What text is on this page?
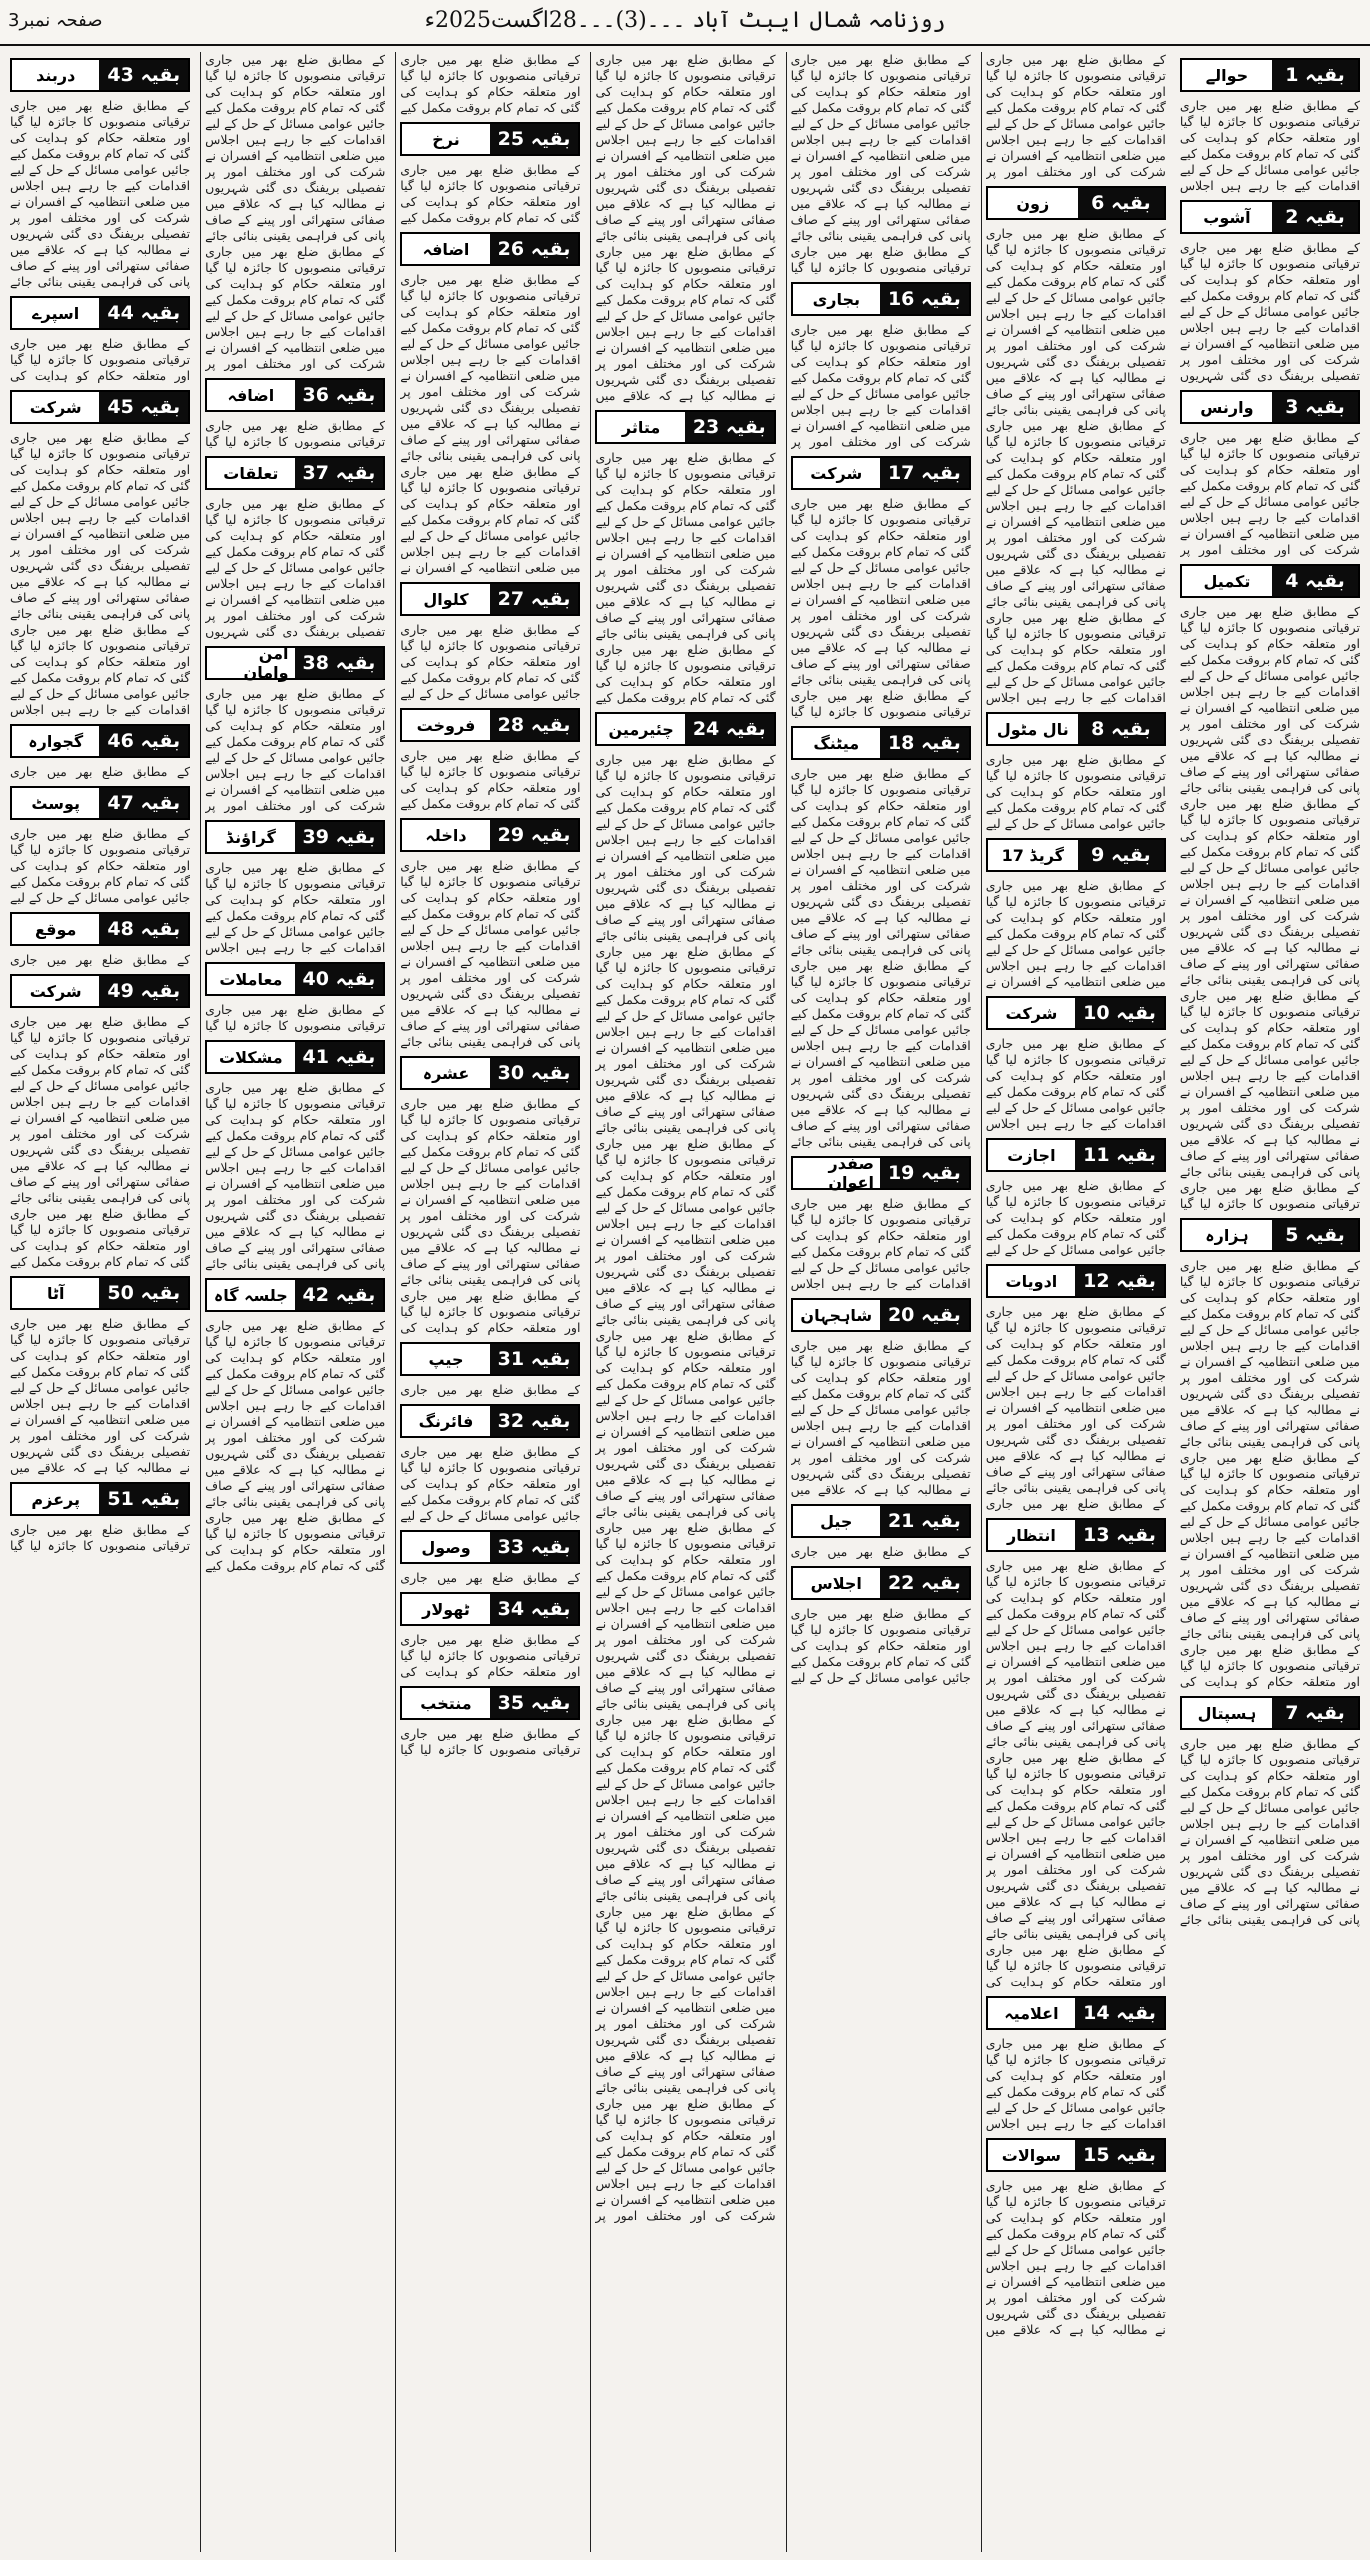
صفحہ نمبر3	روزنامہ شمال ایبٹ آباد ۔۔۔(3)۔۔۔28اگست2025ء
بقیہ 1
حوالے
کے مطابق ضلع بھر میں جاری ترقیاتی منصوبوں کا جائزہ لیا گیا اور متعلقہ حکام کو ہدایت کی گئی کہ تمام کام بروقت مکمل کیے جائیں عوامی مسائل کے حل کے لیے اقدامات کیے جا رہے ہیں اجلاس
بقیہ 2
آشوب
کے مطابق ضلع بھر میں جاری ترقیاتی منصوبوں کا جائزہ لیا گیا اور متعلقہ حکام کو ہدایت کی گئی کہ تمام کام بروقت مکمل کیے جائیں عوامی مسائل کے حل کے لیے اقدامات کیے جا رہے ہیں اجلاس میں ضلعی انتظامیہ کے افسران نے شرکت کی اور مختلف امور پر تفصیلی بریفنگ دی گئی شہریوں
بقیہ 3
وارنس
کے مطابق ضلع بھر میں جاری ترقیاتی منصوبوں کا جائزہ لیا گیا اور متعلقہ حکام کو ہدایت کی گئی کہ تمام کام بروقت مکمل کیے جائیں عوامی مسائل کے حل کے لیے اقدامات کیے جا رہے ہیں اجلاس میں ضلعی انتظامیہ کے افسران نے شرکت کی اور مختلف امور پر
بقیہ 4
تکمیل
کے مطابق ضلع بھر میں جاری ترقیاتی منصوبوں کا جائزہ لیا گیا اور متعلقہ حکام کو ہدایت کی گئی کہ تمام کام بروقت مکمل کیے جائیں عوامی مسائل کے حل کے لیے اقدامات کیے جا رہے ہیں اجلاس میں ضلعی انتظامیہ کے افسران نے شرکت کی اور مختلف امور پر تفصیلی بریفنگ دی گئی شہریوں نے مطالبہ کیا ہے کہ علاقے میں صفائی ستھرائی اور پینے کے صاف پانی کی فراہمی یقینی بنائی جائے کے مطابق ضلع بھر میں جاری ترقیاتی منصوبوں کا جائزہ لیا گیا اور متعلقہ حکام کو ہدایت کی گئی کہ تمام کام بروقت مکمل کیے جائیں عوامی مسائل کے حل کے لیے اقدامات کیے جا رہے ہیں اجلاس میں ضلعی انتظامیہ کے افسران نے شرکت کی اور مختلف امور پر تفصیلی بریفنگ دی گئی شہریوں نے مطالبہ کیا ہے کہ علاقے میں صفائی ستھرائی اور پینے کے صاف پانی کی فراہمی یقینی بنائی جائے کے مطابق ضلع بھر میں جاری ترقیاتی منصوبوں کا جائزہ لیا گیا اور متعلقہ حکام کو ہدایت کی گئی کہ تمام کام بروقت مکمل کیے جائیں عوامی مسائل کے حل کے لیے اقدامات کیے جا رہے ہیں اجلاس میں ضلعی انتظامیہ کے افسران نے شرکت کی اور مختلف امور پر تفصیلی بریفنگ دی گئی شہریوں نے مطالبہ کیا ہے کہ علاقے میں صفائی ستھرائی اور پینے کے صاف پانی کی فراہمی یقینی بنائی جائے کے مطابق ضلع بھر میں جاری ترقیاتی منصوبوں کا جائزہ لیا گیا
بقیہ 5
ہزارہ
کے مطابق ضلع بھر میں جاری ترقیاتی منصوبوں کا جائزہ لیا گیا اور متعلقہ حکام کو ہدایت کی گئی کہ تمام کام بروقت مکمل کیے جائیں عوامی مسائل کے حل کے لیے اقدامات کیے جا رہے ہیں اجلاس میں ضلعی انتظامیہ کے افسران نے شرکت کی اور مختلف امور پر تفصیلی بریفنگ دی گئی شہریوں نے مطالبہ کیا ہے کہ علاقے میں صفائی ستھرائی اور پینے کے صاف پانی کی فراہمی یقینی بنائی جائے کے مطابق ضلع بھر میں جاری ترقیاتی منصوبوں کا جائزہ لیا گیا اور متعلقہ حکام کو ہدایت کی گئی کہ تمام کام بروقت مکمل کیے جائیں عوامی مسائل کے حل کے لیے اقدامات کیے جا رہے ہیں اجلاس میں ضلعی انتظامیہ کے افسران نے شرکت کی اور مختلف امور پر تفصیلی بریفنگ دی گئی شہریوں نے مطالبہ کیا ہے کہ علاقے میں صفائی ستھرائی اور پینے کے صاف پانی کی فراہمی یقینی بنائی جائے کے مطابق ضلع بھر میں جاری ترقیاتی منصوبوں کا جائزہ لیا گیا اور متعلقہ حکام کو ہدایت کی
بقیہ 7
ہسپتال
کے مطابق ضلع بھر میں جاری ترقیاتی منصوبوں کا جائزہ لیا گیا اور متعلقہ حکام کو ہدایت کی گئی کہ تمام کام بروقت مکمل کیے جائیں عوامی مسائل کے حل کے لیے اقدامات کیے جا رہے ہیں اجلاس میں ضلعی انتظامیہ کے افسران نے شرکت کی اور مختلف امور پر تفصیلی بریفنگ دی گئی شہریوں نے مطالبہ کیا ہے کہ علاقے میں صفائی ستھرائی اور پینے کے صاف پانی کی فراہمی یقینی بنائی جائے
کے مطابق ضلع بھر میں جاری ترقیاتی منصوبوں کا جائزہ لیا گیا اور متعلقہ حکام کو ہدایت کی گئی کہ تمام کام بروقت مکمل کیے جائیں عوامی مسائل کے حل کے لیے اقدامات کیے جا رہے ہیں اجلاس میں ضلعی انتظامیہ کے افسران نے شرکت کی اور مختلف امور پر
بقیہ 6
زون
کے مطابق ضلع بھر میں جاری ترقیاتی منصوبوں کا جائزہ لیا گیا اور متعلقہ حکام کو ہدایت کی گئی کہ تمام کام بروقت مکمل کیے جائیں عوامی مسائل کے حل کے لیے اقدامات کیے جا رہے ہیں اجلاس میں ضلعی انتظامیہ کے افسران نے شرکت کی اور مختلف امور پر تفصیلی بریفنگ دی گئی شہریوں نے مطالبہ کیا ہے کہ علاقے میں صفائی ستھرائی اور پینے کے صاف پانی کی فراہمی یقینی بنائی جائے کے مطابق ضلع بھر میں جاری ترقیاتی منصوبوں کا جائزہ لیا گیا اور متعلقہ حکام کو ہدایت کی گئی کہ تمام کام بروقت مکمل کیے جائیں عوامی مسائل کے حل کے لیے اقدامات کیے جا رہے ہیں اجلاس میں ضلعی انتظامیہ کے افسران نے شرکت کی اور مختلف امور پر تفصیلی بریفنگ دی گئی شہریوں نے مطالبہ کیا ہے کہ علاقے میں صفائی ستھرائی اور پینے کے صاف پانی کی فراہمی یقینی بنائی جائے کے مطابق ضلع بھر میں جاری ترقیاتی منصوبوں کا جائزہ لیا گیا اور متعلقہ حکام کو ہدایت کی گئی کہ تمام کام بروقت مکمل کیے جائیں عوامی مسائل کے حل کے لیے اقدامات کیے جا رہے ہیں اجلاس
بقیہ 8
نال مٹول
کے مطابق ضلع بھر میں جاری ترقیاتی منصوبوں کا جائزہ لیا گیا اور متعلقہ حکام کو ہدایت کی گئی کہ تمام کام بروقت مکمل کیے جائیں عوامی مسائل کے حل کے لیے
بقیہ 9
گریڈ 17
کے مطابق ضلع بھر میں جاری ترقیاتی منصوبوں کا جائزہ لیا گیا اور متعلقہ حکام کو ہدایت کی گئی کہ تمام کام بروقت مکمل کیے جائیں عوامی مسائل کے حل کے لیے اقدامات کیے جا رہے ہیں اجلاس میں ضلعی انتظامیہ کے افسران نے
بقیہ 10
شرکت
کے مطابق ضلع بھر میں جاری ترقیاتی منصوبوں کا جائزہ لیا گیا اور متعلقہ حکام کو ہدایت کی گئی کہ تمام کام بروقت مکمل کیے جائیں عوامی مسائل کے حل کے لیے اقدامات کیے جا رہے ہیں اجلاس
بقیہ 11
اجازت
کے مطابق ضلع بھر میں جاری ترقیاتی منصوبوں کا جائزہ لیا گیا اور متعلقہ حکام کو ہدایت کی گئی کہ تمام کام بروقت مکمل کیے جائیں عوامی مسائل کے حل کے لیے
بقیہ 12
ادویات
کے مطابق ضلع بھر میں جاری ترقیاتی منصوبوں کا جائزہ لیا گیا اور متعلقہ حکام کو ہدایت کی گئی کہ تمام کام بروقت مکمل کیے جائیں عوامی مسائل کے حل کے لیے اقدامات کیے جا رہے ہیں اجلاس میں ضلعی انتظامیہ کے افسران نے شرکت کی اور مختلف امور پر تفصیلی بریفنگ دی گئی شہریوں نے مطالبہ کیا ہے کہ علاقے میں صفائی ستھرائی اور پینے کے صاف پانی کی فراہمی یقینی بنائی جائے کے مطابق ضلع بھر میں جاری
بقیہ 13
انتظار
کے مطابق ضلع بھر میں جاری ترقیاتی منصوبوں کا جائزہ لیا گیا اور متعلقہ حکام کو ہدایت کی گئی کہ تمام کام بروقت مکمل کیے جائیں عوامی مسائل کے حل کے لیے اقدامات کیے جا رہے ہیں اجلاس میں ضلعی انتظامیہ کے افسران نے شرکت کی اور مختلف امور پر تفصیلی بریفنگ دی گئی شہریوں نے مطالبہ کیا ہے کہ علاقے میں صفائی ستھرائی اور پینے کے صاف پانی کی فراہمی یقینی بنائی جائے کے مطابق ضلع بھر میں جاری ترقیاتی منصوبوں کا جائزہ لیا گیا اور متعلقہ حکام کو ہدایت کی گئی کہ تمام کام بروقت مکمل کیے جائیں عوامی مسائل کے حل کے لیے اقدامات کیے جا رہے ہیں اجلاس میں ضلعی انتظامیہ کے افسران نے شرکت کی اور مختلف امور پر تفصیلی بریفنگ دی گئی شہریوں نے مطالبہ کیا ہے کہ علاقے میں صفائی ستھرائی اور پینے کے صاف پانی کی فراہمی یقینی بنائی جائے کے مطابق ضلع بھر میں جاری ترقیاتی منصوبوں کا جائزہ لیا گیا اور متعلقہ حکام کو ہدایت کی
بقیہ 14
اعلامیہ
کے مطابق ضلع بھر میں جاری ترقیاتی منصوبوں کا جائزہ لیا گیا اور متعلقہ حکام کو ہدایت کی گئی کہ تمام کام بروقت مکمل کیے جائیں عوامی مسائل کے حل کے لیے اقدامات کیے جا رہے ہیں اجلاس
بقیہ 15
سوالات
کے مطابق ضلع بھر میں جاری ترقیاتی منصوبوں کا جائزہ لیا گیا اور متعلقہ حکام کو ہدایت کی گئی کہ تمام کام بروقت مکمل کیے جائیں عوامی مسائل کے حل کے لیے اقدامات کیے جا رہے ہیں اجلاس میں ضلعی انتظامیہ کے افسران نے شرکت کی اور مختلف امور پر تفصیلی بریفنگ دی گئی شہریوں نے مطالبہ کیا ہے کہ علاقے میں
کے مطابق ضلع بھر میں جاری ترقیاتی منصوبوں کا جائزہ لیا گیا اور متعلقہ حکام کو ہدایت کی گئی کہ تمام کام بروقت مکمل کیے جائیں عوامی مسائل کے حل کے لیے اقدامات کیے جا رہے ہیں اجلاس میں ضلعی انتظامیہ کے افسران نے شرکت کی اور مختلف امور پر تفصیلی بریفنگ دی گئی شہریوں نے مطالبہ کیا ہے کہ علاقے میں صفائی ستھرائی اور پینے کے صاف پانی کی فراہمی یقینی بنائی جائے کے مطابق ضلع بھر میں جاری ترقیاتی منصوبوں کا جائزہ لیا گیا
بقیہ 16
بجاری
کے مطابق ضلع بھر میں جاری ترقیاتی منصوبوں کا جائزہ لیا گیا اور متعلقہ حکام کو ہدایت کی گئی کہ تمام کام بروقت مکمل کیے جائیں عوامی مسائل کے حل کے لیے اقدامات کیے جا رہے ہیں اجلاس میں ضلعی انتظامیہ کے افسران نے شرکت کی اور مختلف امور پر
بقیہ 17
شرکت
کے مطابق ضلع بھر میں جاری ترقیاتی منصوبوں کا جائزہ لیا گیا اور متعلقہ حکام کو ہدایت کی گئی کہ تمام کام بروقت مکمل کیے جائیں عوامی مسائل کے حل کے لیے اقدامات کیے جا رہے ہیں اجلاس میں ضلعی انتظامیہ کے افسران نے شرکت کی اور مختلف امور پر تفصیلی بریفنگ دی گئی شہریوں نے مطالبہ کیا ہے کہ علاقے میں صفائی ستھرائی اور پینے کے صاف پانی کی فراہمی یقینی بنائی جائے کے مطابق ضلع بھر میں جاری ترقیاتی منصوبوں کا جائزہ لیا گیا
بقیہ 18
میٹنگ
کے مطابق ضلع بھر میں جاری ترقیاتی منصوبوں کا جائزہ لیا گیا اور متعلقہ حکام کو ہدایت کی گئی کہ تمام کام بروقت مکمل کیے جائیں عوامی مسائل کے حل کے لیے اقدامات کیے جا رہے ہیں اجلاس میں ضلعی انتظامیہ کے افسران نے شرکت کی اور مختلف امور پر تفصیلی بریفنگ دی گئی شہریوں نے مطالبہ کیا ہے کہ علاقے میں صفائی ستھرائی اور پینے کے صاف پانی کی فراہمی یقینی بنائی جائے کے مطابق ضلع بھر میں جاری ترقیاتی منصوبوں کا جائزہ لیا گیا اور متعلقہ حکام کو ہدایت کی گئی کہ تمام کام بروقت مکمل کیے جائیں عوامی مسائل کے حل کے لیے اقدامات کیے جا رہے ہیں اجلاس میں ضلعی انتظامیہ کے افسران نے شرکت کی اور مختلف امور پر تفصیلی بریفنگ دی گئی شہریوں نے مطالبہ کیا ہے کہ علاقے میں صفائی ستھرائی اور پینے کے صاف پانی کی فراہمی یقینی بنائی جائے
بقیہ 19
صفدر اعوان
کے مطابق ضلع بھر میں جاری ترقیاتی منصوبوں کا جائزہ لیا گیا اور متعلقہ حکام کو ہدایت کی گئی کہ تمام کام بروقت مکمل کیے جائیں عوامی مسائل کے حل کے لیے اقدامات کیے جا رہے ہیں اجلاس
بقیہ 20
شاہجہان
کے مطابق ضلع بھر میں جاری ترقیاتی منصوبوں کا جائزہ لیا گیا اور متعلقہ حکام کو ہدایت کی گئی کہ تمام کام بروقت مکمل کیے جائیں عوامی مسائل کے حل کے لیے اقدامات کیے جا رہے ہیں اجلاس میں ضلعی انتظامیہ کے افسران نے شرکت کی اور مختلف امور پر تفصیلی بریفنگ دی گئی شہریوں نے مطالبہ کیا ہے کہ علاقے میں
بقیہ 21
جیل
کے مطابق ضلع بھر میں جاری
بقیہ 22
اجلاس
کے مطابق ضلع بھر میں جاری ترقیاتی منصوبوں کا جائزہ لیا گیا اور متعلقہ حکام کو ہدایت کی گئی کہ تمام کام بروقت مکمل کیے جائیں عوامی مسائل کے حل کے لیے
کے مطابق ضلع بھر میں جاری ترقیاتی منصوبوں کا جائزہ لیا گیا اور متعلقہ حکام کو ہدایت کی گئی کہ تمام کام بروقت مکمل کیے جائیں عوامی مسائل کے حل کے لیے اقدامات کیے جا رہے ہیں اجلاس میں ضلعی انتظامیہ کے افسران نے شرکت کی اور مختلف امور پر تفصیلی بریفنگ دی گئی شہریوں نے مطالبہ کیا ہے کہ علاقے میں صفائی ستھرائی اور پینے کے صاف پانی کی فراہمی یقینی بنائی جائے کے مطابق ضلع بھر میں جاری ترقیاتی منصوبوں کا جائزہ لیا گیا اور متعلقہ حکام کو ہدایت کی گئی کہ تمام کام بروقت مکمل کیے جائیں عوامی مسائل کے حل کے لیے اقدامات کیے جا رہے ہیں اجلاس میں ضلعی انتظامیہ کے افسران نے شرکت کی اور مختلف امور پر تفصیلی بریفنگ دی گئی شہریوں نے مطالبہ کیا ہے کہ علاقے میں
بقیہ 23
متاثر
کے مطابق ضلع بھر میں جاری ترقیاتی منصوبوں کا جائزہ لیا گیا اور متعلقہ حکام کو ہدایت کی گئی کہ تمام کام بروقت مکمل کیے جائیں عوامی مسائل کے حل کے لیے اقدامات کیے جا رہے ہیں اجلاس میں ضلعی انتظامیہ کے افسران نے شرکت کی اور مختلف امور پر تفصیلی بریفنگ دی گئی شہریوں نے مطالبہ کیا ہے کہ علاقے میں صفائی ستھرائی اور پینے کے صاف پانی کی فراہمی یقینی بنائی جائے کے مطابق ضلع بھر میں جاری ترقیاتی منصوبوں کا جائزہ لیا گیا اور متعلقہ حکام کو ہدایت کی گئی کہ تمام کام بروقت مکمل کیے
بقیہ 24
چئیرمین
کے مطابق ضلع بھر میں جاری ترقیاتی منصوبوں کا جائزہ لیا گیا اور متعلقہ حکام کو ہدایت کی گئی کہ تمام کام بروقت مکمل کیے جائیں عوامی مسائل کے حل کے لیے اقدامات کیے جا رہے ہیں اجلاس میں ضلعی انتظامیہ کے افسران نے شرکت کی اور مختلف امور پر تفصیلی بریفنگ دی گئی شہریوں نے مطالبہ کیا ہے کہ علاقے میں صفائی ستھرائی اور پینے کے صاف پانی کی فراہمی یقینی بنائی جائے کے مطابق ضلع بھر میں جاری ترقیاتی منصوبوں کا جائزہ لیا گیا اور متعلقہ حکام کو ہدایت کی گئی کہ تمام کام بروقت مکمل کیے جائیں عوامی مسائل کے حل کے لیے اقدامات کیے جا رہے ہیں اجلاس میں ضلعی انتظامیہ کے افسران نے شرکت کی اور مختلف امور پر تفصیلی بریفنگ دی گئی شہریوں نے مطالبہ کیا ہے کہ علاقے میں صفائی ستھرائی اور پینے کے صاف پانی کی فراہمی یقینی بنائی جائے کے مطابق ضلع بھر میں جاری ترقیاتی منصوبوں کا جائزہ لیا گیا اور متعلقہ حکام کو ہدایت کی گئی کہ تمام کام بروقت مکمل کیے جائیں عوامی مسائل کے حل کے لیے اقدامات کیے جا رہے ہیں اجلاس میں ضلعی انتظامیہ کے افسران نے شرکت کی اور مختلف امور پر تفصیلی بریفنگ دی گئی شہریوں نے مطالبہ کیا ہے کہ علاقے میں صفائی ستھرائی اور پینے کے صاف پانی کی فراہمی یقینی بنائی جائے کے مطابق ضلع بھر میں جاری ترقیاتی منصوبوں کا جائزہ لیا گیا اور متعلقہ حکام کو ہدایت کی گئی کہ تمام کام بروقت مکمل کیے جائیں عوامی مسائل کے حل کے لیے اقدامات کیے جا رہے ہیں اجلاس میں ضلعی انتظامیہ کے افسران نے شرکت کی اور مختلف امور پر تفصیلی بریفنگ دی گئی شہریوں نے مطالبہ کیا ہے کہ علاقے میں صفائی ستھرائی اور پینے کے صاف پانی کی فراہمی یقینی بنائی جائے کے مطابق ضلع بھر میں جاری ترقیاتی منصوبوں کا جائزہ لیا گیا اور متعلقہ حکام کو ہدایت کی گئی کہ تمام کام بروقت مکمل کیے جائیں عوامی مسائل کے حل کے لیے اقدامات کیے جا رہے ہیں اجلاس میں ضلعی انتظامیہ کے افسران نے شرکت کی اور مختلف امور پر تفصیلی بریفنگ دی گئی شہریوں نے مطالبہ کیا ہے کہ علاقے میں صفائی ستھرائی اور پینے کے صاف پانی کی فراہمی یقینی بنائی جائے کے مطابق ضلع بھر میں جاری ترقیاتی منصوبوں کا جائزہ لیا گیا اور متعلقہ حکام کو ہدایت کی گئی کہ تمام کام بروقت مکمل کیے جائیں عوامی مسائل کے حل کے لیے اقدامات کیے جا رہے ہیں اجلاس میں ضلعی انتظامیہ کے افسران نے شرکت کی اور مختلف امور پر تفصیلی بریفنگ دی گئی شہریوں نے مطالبہ کیا ہے کہ علاقے میں صفائی ستھرائی اور پینے کے صاف پانی کی فراہمی یقینی بنائی جائے کے مطابق ضلع بھر میں جاری ترقیاتی منصوبوں کا جائزہ لیا گیا اور متعلقہ حکام کو ہدایت کی گئی کہ تمام کام بروقت مکمل کیے جائیں عوامی مسائل کے حل کے لیے اقدامات کیے جا رہے ہیں اجلاس میں ضلعی انتظامیہ کے افسران نے شرکت کی اور مختلف امور پر تفصیلی بریفنگ دی گئی شہریوں نے مطالبہ کیا ہے کہ علاقے میں صفائی ستھرائی اور پینے کے صاف پانی کی فراہمی یقینی بنائی جائے کے مطابق ضلع بھر میں جاری ترقیاتی منصوبوں کا جائزہ لیا گیا اور متعلقہ حکام کو ہدایت کی گئی کہ تمام کام بروقت مکمل کیے جائیں عوامی مسائل کے حل کے لیے اقدامات کیے جا رہے ہیں اجلاس میں ضلعی انتظامیہ کے افسران نے شرکت کی اور مختلف امور پر
کے مطابق ضلع بھر میں جاری ترقیاتی منصوبوں کا جائزہ لیا گیا اور متعلقہ حکام کو ہدایت کی گئی کہ تمام کام بروقت مکمل کیے
بقیہ 25
نرخ
کے مطابق ضلع بھر میں جاری ترقیاتی منصوبوں کا جائزہ لیا گیا اور متعلقہ حکام کو ہدایت کی گئی کہ تمام کام بروقت مکمل کیے
بقیہ 26
اضافہ
کے مطابق ضلع بھر میں جاری ترقیاتی منصوبوں کا جائزہ لیا گیا اور متعلقہ حکام کو ہدایت کی گئی کہ تمام کام بروقت مکمل کیے جائیں عوامی مسائل کے حل کے لیے اقدامات کیے جا رہے ہیں اجلاس میں ضلعی انتظامیہ کے افسران نے شرکت کی اور مختلف امور پر تفصیلی بریفنگ دی گئی شہریوں نے مطالبہ کیا ہے کہ علاقے میں صفائی ستھرائی اور پینے کے صاف پانی کی فراہمی یقینی بنائی جائے کے مطابق ضلع بھر میں جاری ترقیاتی منصوبوں کا جائزہ لیا گیا اور متعلقہ حکام کو ہدایت کی گئی کہ تمام کام بروقت مکمل کیے جائیں عوامی مسائل کے حل کے لیے اقدامات کیے جا رہے ہیں اجلاس میں ضلعی انتظامیہ کے افسران نے
بقیہ 27
کلوال
کے مطابق ضلع بھر میں جاری ترقیاتی منصوبوں کا جائزہ لیا گیا اور متعلقہ حکام کو ہدایت کی گئی کہ تمام کام بروقت مکمل کیے جائیں عوامی مسائل کے حل کے لیے
بقیہ 28
فروخت
کے مطابق ضلع بھر میں جاری ترقیاتی منصوبوں کا جائزہ لیا گیا اور متعلقہ حکام کو ہدایت کی گئی کہ تمام کام بروقت مکمل کیے
بقیہ 29
داخلہ
کے مطابق ضلع بھر میں جاری ترقیاتی منصوبوں کا جائزہ لیا گیا اور متعلقہ حکام کو ہدایت کی گئی کہ تمام کام بروقت مکمل کیے جائیں عوامی مسائل کے حل کے لیے اقدامات کیے جا رہے ہیں اجلاس میں ضلعی انتظامیہ کے افسران نے شرکت کی اور مختلف امور پر تفصیلی بریفنگ دی گئی شہریوں نے مطالبہ کیا ہے کہ علاقے میں صفائی ستھرائی اور پینے کے صاف پانی کی فراہمی یقینی بنائی جائے
بقیہ 30
عشرہ
کے مطابق ضلع بھر میں جاری ترقیاتی منصوبوں کا جائزہ لیا گیا اور متعلقہ حکام کو ہدایت کی گئی کہ تمام کام بروقت مکمل کیے جائیں عوامی مسائل کے حل کے لیے اقدامات کیے جا رہے ہیں اجلاس میں ضلعی انتظامیہ کے افسران نے شرکت کی اور مختلف امور پر تفصیلی بریفنگ دی گئی شہریوں نے مطالبہ کیا ہے کہ علاقے میں صفائی ستھرائی اور پینے کے صاف پانی کی فراہمی یقینی بنائی جائے کے مطابق ضلع بھر میں جاری ترقیاتی منصوبوں کا جائزہ لیا گیا اور متعلقہ حکام کو ہدایت کی
بقیہ 31
جیپ
کے مطابق ضلع بھر میں جاری
بقیہ 32
فائرنگ
کے مطابق ضلع بھر میں جاری ترقیاتی منصوبوں کا جائزہ لیا گیا اور متعلقہ حکام کو ہدایت کی گئی کہ تمام کام بروقت مکمل کیے جائیں عوامی مسائل کے حل کے لیے
بقیہ 33
وصول
کے مطابق ضلع بھر میں جاری
بقیہ 34
ٹھولار
کے مطابق ضلع بھر میں جاری ترقیاتی منصوبوں کا جائزہ لیا گیا اور متعلقہ حکام کو ہدایت کی
بقیہ 35
منتخب
کے مطابق ضلع بھر میں جاری ترقیاتی منصوبوں کا جائزہ لیا گیا
کے مطابق ضلع بھر میں جاری ترقیاتی منصوبوں کا جائزہ لیا گیا اور متعلقہ حکام کو ہدایت کی گئی کہ تمام کام بروقت مکمل کیے جائیں عوامی مسائل کے حل کے لیے اقدامات کیے جا رہے ہیں اجلاس میں ضلعی انتظامیہ کے افسران نے شرکت کی اور مختلف امور پر تفصیلی بریفنگ دی گئی شہریوں نے مطالبہ کیا ہے کہ علاقے میں صفائی ستھرائی اور پینے کے صاف پانی کی فراہمی یقینی بنائی جائے کے مطابق ضلع بھر میں جاری ترقیاتی منصوبوں کا جائزہ لیا گیا اور متعلقہ حکام کو ہدایت کی گئی کہ تمام کام بروقت مکمل کیے جائیں عوامی مسائل کے حل کے لیے اقدامات کیے جا رہے ہیں اجلاس میں ضلعی انتظامیہ کے افسران نے شرکت کی اور مختلف امور پر
بقیہ 36
اضافہ
کے مطابق ضلع بھر میں جاری ترقیاتی منصوبوں کا جائزہ لیا گیا
بقیہ 37
تعلقات
کے مطابق ضلع بھر میں جاری ترقیاتی منصوبوں کا جائزہ لیا گیا اور متعلقہ حکام کو ہدایت کی گئی کہ تمام کام بروقت مکمل کیے جائیں عوامی مسائل کے حل کے لیے اقدامات کیے جا رہے ہیں اجلاس میں ضلعی انتظامیہ کے افسران نے شرکت کی اور مختلف امور پر تفصیلی بریفنگ دی گئی شہریوں
بقیہ 38
امن وامان
کے مطابق ضلع بھر میں جاری ترقیاتی منصوبوں کا جائزہ لیا گیا اور متعلقہ حکام کو ہدایت کی گئی کہ تمام کام بروقت مکمل کیے جائیں عوامی مسائل کے حل کے لیے اقدامات کیے جا رہے ہیں اجلاس میں ضلعی انتظامیہ کے افسران نے شرکت کی اور مختلف امور پر
بقیہ 39
گراؤنڈ
کے مطابق ضلع بھر میں جاری ترقیاتی منصوبوں کا جائزہ لیا گیا اور متعلقہ حکام کو ہدایت کی گئی کہ تمام کام بروقت مکمل کیے جائیں عوامی مسائل کے حل کے لیے اقدامات کیے جا رہے ہیں اجلاس
بقیہ 40
معاملات
کے مطابق ضلع بھر میں جاری ترقیاتی منصوبوں کا جائزہ لیا گیا
بقیہ 41
مشکلات
کے مطابق ضلع بھر میں جاری ترقیاتی منصوبوں کا جائزہ لیا گیا اور متعلقہ حکام کو ہدایت کی گئی کہ تمام کام بروقت مکمل کیے جائیں عوامی مسائل کے حل کے لیے اقدامات کیے جا رہے ہیں اجلاس میں ضلعی انتظامیہ کے افسران نے شرکت کی اور مختلف امور پر تفصیلی بریفنگ دی گئی شہریوں نے مطالبہ کیا ہے کہ علاقے میں صفائی ستھرائی اور پینے کے صاف پانی کی فراہمی یقینی بنائی جائے
بقیہ 42
جلسہ گاہ
کے مطابق ضلع بھر میں جاری ترقیاتی منصوبوں کا جائزہ لیا گیا اور متعلقہ حکام کو ہدایت کی گئی کہ تمام کام بروقت مکمل کیے جائیں عوامی مسائل کے حل کے لیے اقدامات کیے جا رہے ہیں اجلاس میں ضلعی انتظامیہ کے افسران نے شرکت کی اور مختلف امور پر تفصیلی بریفنگ دی گئی شہریوں نے مطالبہ کیا ہے کہ علاقے میں صفائی ستھرائی اور پینے کے صاف پانی کی فراہمی یقینی بنائی جائے کے مطابق ضلع بھر میں جاری ترقیاتی منصوبوں کا جائزہ لیا گیا اور متعلقہ حکام کو ہدایت کی گئی کہ تمام کام بروقت مکمل کیے
بقیہ 43
دربند
کے مطابق ضلع بھر میں جاری ترقیاتی منصوبوں کا جائزہ لیا گیا اور متعلقہ حکام کو ہدایت کی گئی کہ تمام کام بروقت مکمل کیے جائیں عوامی مسائل کے حل کے لیے اقدامات کیے جا رہے ہیں اجلاس میں ضلعی انتظامیہ کے افسران نے شرکت کی اور مختلف امور پر تفصیلی بریفنگ دی گئی شہریوں نے مطالبہ کیا ہے کہ علاقے میں صفائی ستھرائی اور پینے کے صاف پانی کی فراہمی یقینی بنائی جائے
بقیہ 44
اسپرے
کے مطابق ضلع بھر میں جاری ترقیاتی منصوبوں کا جائزہ لیا گیا اور متعلقہ حکام کو ہدایت کی
بقیہ 45
شرکت
کے مطابق ضلع بھر میں جاری ترقیاتی منصوبوں کا جائزہ لیا گیا اور متعلقہ حکام کو ہدایت کی گئی کہ تمام کام بروقت مکمل کیے جائیں عوامی مسائل کے حل کے لیے اقدامات کیے جا رہے ہیں اجلاس میں ضلعی انتظامیہ کے افسران نے شرکت کی اور مختلف امور پر تفصیلی بریفنگ دی گئی شہریوں نے مطالبہ کیا ہے کہ علاقے میں صفائی ستھرائی اور پینے کے صاف پانی کی فراہمی یقینی بنائی جائے کے مطابق ضلع بھر میں جاری ترقیاتی منصوبوں کا جائزہ لیا گیا اور متعلقہ حکام کو ہدایت کی گئی کہ تمام کام بروقت مکمل کیے جائیں عوامی مسائل کے حل کے لیے اقدامات کیے جا رہے ہیں اجلاس
بقیہ 46
گجوارہ
کے مطابق ضلع بھر میں جاری
بقیہ 47
پوسٹ
کے مطابق ضلع بھر میں جاری ترقیاتی منصوبوں کا جائزہ لیا گیا اور متعلقہ حکام کو ہدایت کی گئی کہ تمام کام بروقت مکمل کیے جائیں عوامی مسائل کے حل کے لیے
بقیہ 48
موقع
کے مطابق ضلع بھر میں جاری
بقیہ 49
شرکت
کے مطابق ضلع بھر میں جاری ترقیاتی منصوبوں کا جائزہ لیا گیا اور متعلقہ حکام کو ہدایت کی گئی کہ تمام کام بروقت مکمل کیے جائیں عوامی مسائل کے حل کے لیے اقدامات کیے جا رہے ہیں اجلاس میں ضلعی انتظامیہ کے افسران نے شرکت کی اور مختلف امور پر تفصیلی بریفنگ دی گئی شہریوں نے مطالبہ کیا ہے کہ علاقے میں صفائی ستھرائی اور پینے کے صاف پانی کی فراہمی یقینی بنائی جائے کے مطابق ضلع بھر میں جاری ترقیاتی منصوبوں کا جائزہ لیا گیا اور متعلقہ حکام کو ہدایت کی گئی کہ تمام کام بروقت مکمل کیے
بقیہ 50
آٹا
کے مطابق ضلع بھر میں جاری ترقیاتی منصوبوں کا جائزہ لیا گیا اور متعلقہ حکام کو ہدایت کی گئی کہ تمام کام بروقت مکمل کیے جائیں عوامی مسائل کے حل کے لیے اقدامات کیے جا رہے ہیں اجلاس میں ضلعی انتظامیہ کے افسران نے شرکت کی اور مختلف امور پر تفصیلی بریفنگ دی گئی شہریوں نے مطالبہ کیا ہے کہ علاقے میں
بقیہ 51
پرعزم
کے مطابق ضلع بھر میں جاری ترقیاتی منصوبوں کا جائزہ لیا گیا
